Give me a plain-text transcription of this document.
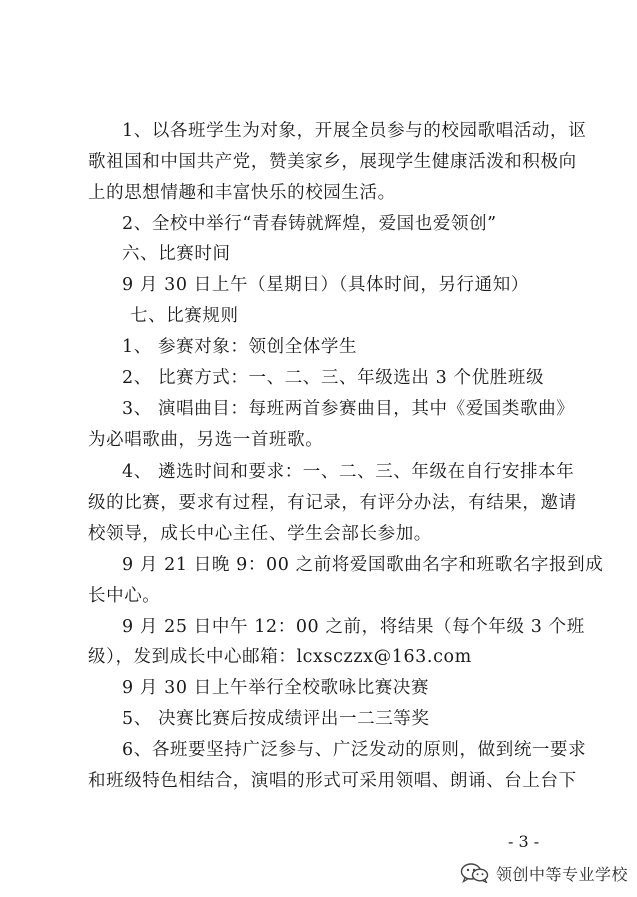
1、以各班学生为对象，开展全员参与的校园歌唱活动，讴
歌祖国和中国共产党，赞美家乡，展现学生健康活泼和积极向
上的思想情趣和丰富快乐的校园生活。
2、全校中举行“青春铸就辉煌，爱国也爱领创”
六、比赛时间
9 月 30 日上午（星期日）（具体时间，另行通知）
七、比赛规则
1、 参赛对象：领创全体学生
2、 比赛方式：一、二、三、年级选出 3 个优胜班级
3、 演唱曲目：每班两首参赛曲目，其中《爱国类歌曲》
为必唱歌曲，另选一首班歌。
4、 遴选时间和要求：一、二、三、年级在自行安排本年
级的比赛，要求有过程，有记录，有评分办法，有结果，邀请
校领导，成长中心主任、学生会部长参加。
9 月 21 日晚 9：00 之前将爱国歌曲名字和班歌名字报到成
长中心。
9 月 25 日中午 12：00 之前，将结果（每个年级 3 个班
级），发到成长中心邮箱：lcxsczzx@163.com
9 月 30 日上午举行全校歌咏比赛决赛
5、 决赛比赛后按成绩评出一二三等奖
6、各班要坚持广泛参与、广泛发动的原则，做到统一要求
和班级特色相结合，演唱的形式可采用领唱、朗诵、台上台下
- 3 -
领创中等专业学校
